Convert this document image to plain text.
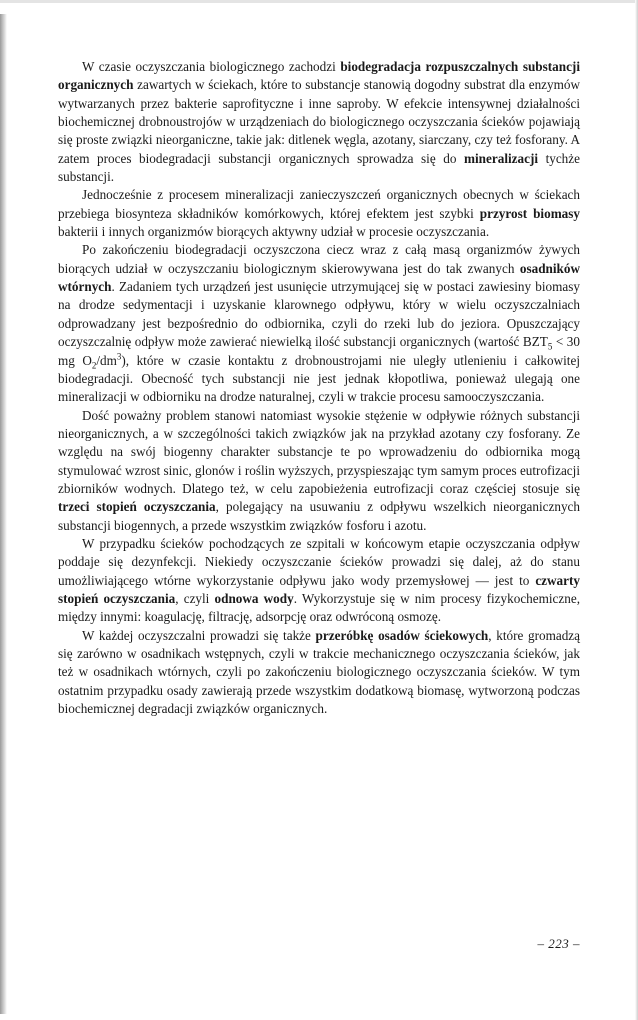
W czasie oczyszczania biologicznego zachodzi biodegradacja rozpuszczalnych substancji organicznych zawartych w ściekach, które to substancje stanowią dogodny substrat dla enzymów wytwarzanych przez bakterie saprofityczne i inne saproby. W efekcie intensywnej działalności biochemicznej drobnoustrojów w urządzeniach do biologicznego oczyszczania ścieków pojawiają się proste związki nieorganiczne, takie jak: ditlenek węgla, azotany, siarczany, czy też fosforany. A zatem proces biodegradacji substancji organicznych sprowadza się do mineralizacji tychże substancji.

Jednocześnie z procesem mineralizacji zanieczyszczeń organicznych obecnych w ściekach przebiega biosynteza składników komórkowych, której efektem jest szybki przyrost biomasy bakterii i innych organizmów biorących aktywny udział w procesie oczyszczania.

Po zakończeniu biodegradacji oczyszczona ciecz wraz z całą masą organizmów żywych biorących udział w oczyszczaniu biologicznym skierowywana jest do tak zwanych osadników wtórnych. Zadaniem tych urządzeń jest usunięcie utrzymującej się w postaci zawiesiny biomasy na drodze sedymentacji i uzyskanie klarownego odpływu, który w wielu oczyszczalniach odprowadzany jest bezpośrednio do odbiornika, czyli do rzeki lub do jeziora. Opuszczający oczyszczalnię odpływ może zawierać niewielką ilość substancji organicznych (wartość $BZT_5 < 30$ mg $O_2/dm^3$), które w czasie kontaktu z drobnoustrojami nie uległy utlenieniu i całkowitej biodegradacji. Obecność tych substancji nie jest jednak kłopotliwa, ponieważ ulegają one mineralizacji w odbiorniku na drodze naturalnej, czyli w trakcie procesu samooczyszczania.

Dość poważny problem stanowi natomiast wysokie stężenie w odpływie różnych substancji nieorganicznych, a w szczególności takich związków jak na przykład azotany czy fosforany. Ze względu na swój biogenny charakter substancje te po wprowadzeniu do odbiornika mogą stymulować wzrost sinic, glonów i roślin wyższych, przyspieszając tym samym proces eutrofizacji zbiorników wodnych. Dlatego też, w celu zapobieżenia eutrofizacji coraz częściej stosuje się trzeci stopień oczyszczania, polegający na usuwaniu z odpływu wszelkich nieorganicznych substancji biogennych, a przede wszystkim związków fosforu i azotu.

W przypadku ścieków pochodzących ze szpitali w końcowym etapie oczyszczania odpływ poddaje się dezynfekcji. Niekiedy oczyszczanie ścieków prowadzi się dalej, aż do stanu umożliwiającego wtórne wykorzystanie odpływu jako wody przemysłowej — jest to czwarty stopień oczyszczania, czyli odnowa wody. Wykorzystuje się w nim procesy fizykochemiczne, między innymi: koagulację, filtrację, adsorpcję oraz odwróconą osmozę.

W każdej oczyszczalni prowadzi się także przeróbkę osadów ściekowych, które gromadzą się zarówno w osadnikach wstępnych, czyli w trakcie mechanicznego oczyszczania ścieków, jak też w osadnikach wtórnych, czyli po zakończeniu biologicznego oczyszczania ścieków. W tym ostatnim przypadku osady zawierają przede wszystkim dodatkową biomasę, wytworzoną podczas biochemicznej degradacji związków organicznych.

– 223 –
